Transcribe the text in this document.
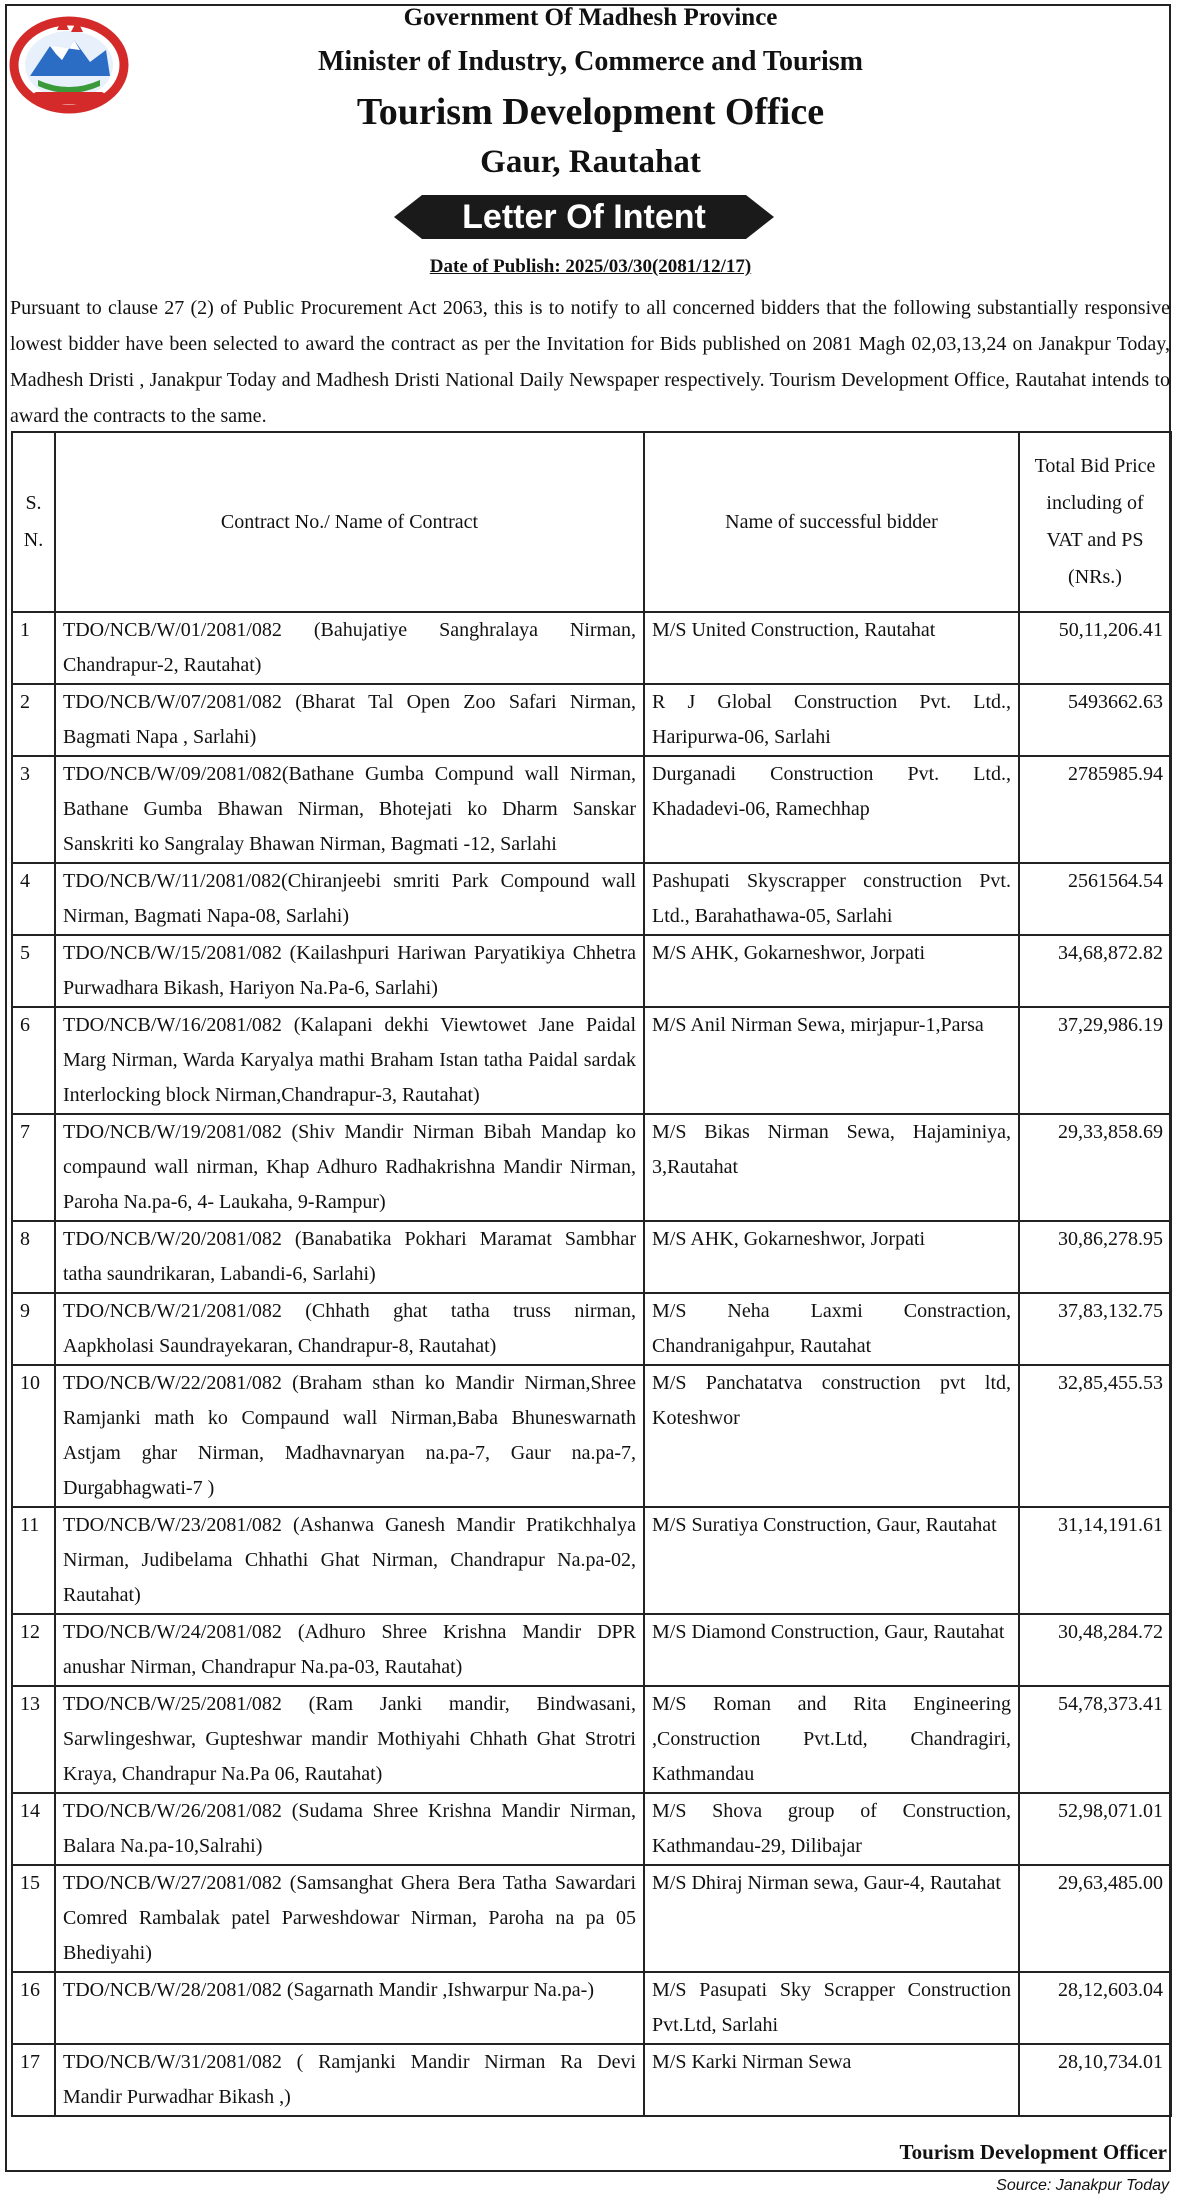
Government Of Madhesh Province
Minister of Industry, Commerce and Tourism
Tourism Development Office
Gaur, Rautahat
Letter Of Intent
Date of Publish: 2025/03/30(2081/12/17)

Pursuant to clause 27 (2) of Public Procurement Act 2063, this is to notify to all concerned bidders that the following substantially responsive lowest bidder have been selected to award the contract as per the Invitation for Bids published on 2081 Magh 02,03,13,24 on Janakpur Today, Madhesh Dristi , Janakpur Today and Madhesh Dristi National Daily Newspaper respectively. Tourism Development Office, Rautahat intends to award the contracts to the same.

S. N.	Contract No./ Name of Contract	Name of successful bidder	Total Bid Price including of VAT and PS (NRs.)
1	TDO/NCB/W/01/2081/082 (Bahujatiye Sanghralaya Nirman, Chandrapur-2, Rautahat)	M/S United Construction, Rautahat	50,11,206.41
2	TDO/NCB/W/07/2081/082 (Bharat Tal Open Zoo Safari Nirman, Bagmati Napa , Sarlahi)	R J Global Construction Pvt. Ltd., Haripurwa-06, Sarlahi	5493662.63
3	TDO/NCB/W/09/2081/082(Bathane Gumba Compund wall Nirman, Bathane Gumba Bhawan Nirman, Bhotejati ko Dharm Sanskar Sanskriti ko Sangralay Bhawan Nirman, Bagmati -12, Sarlahi	Durganadi Construction Pvt. Ltd., Khadadevi-06, Ramechhap	2785985.94
4	TDO/NCB/W/11/2081/082(Chiranjeebi smriti Park Compound wall Nirman, Bagmati Napa-08, Sarlahi)	Pashupati Skyscrapper construction Pvt. Ltd., Barahathawa-05, Sarlahi	2561564.54
5	TDO/NCB/W/15/2081/082 (Kailashpuri Hariwan Paryatikiya Chhetra Purwadhara Bikash, Hariyon Na.Pa-6, Sarlahi)	M/S AHK, Gokarneshwor, Jorpati	34,68,872.82
6	TDO/NCB/W/16/2081/082 (Kalapani dekhi Viewtowet Jane Paidal Marg Nirman, Warda Karyalya mathi Braham Istan tatha Paidal sardak Interlocking block Nirman,Chandrapur-3, Rautahat)	M/S Anil Nirman Sewa, mirjapur-1,Parsa	37,29,986.19
7	TDO/NCB/W/19/2081/082 (Shiv Mandir Nirman Bibah Mandap ko compaund wall nirman, Khap Adhuro Radhakrishna Mandir Nirman, Paroha Na.pa-6, 4- Laukaha, 9-Rampur)	M/S Bikas Nirman Sewa, Hajaminiya, 3,Rautahat	29,33,858.69
8	TDO/NCB/W/20/2081/082 (Banabatika Pokhari Maramat Sambhar tatha saundrikaran, Labandi-6, Sarlahi)	M/S AHK, Gokarneshwor, Jorpati	30,86,278.95
9	TDO/NCB/W/21/2081/082 (Chhath ghat tatha truss nirman, Aapkholasi Saundrayekaran, Chandrapur-8, Rautahat)	M/S Neha Laxmi Constraction, Chandranigahpur, Rautahat	37,83,132.75
10	TDO/NCB/W/22/2081/082 (Braham sthan ko Mandir Nirman,Shree Ramjanki math ko Compaund wall Nirman,Baba Bhuneswarnath Astjam ghar Nirman, Madhavnaryan na.pa-7, Gaur na.pa-7, Durgabhagwati-7 )	M/S Panchatatva construction pvt ltd, Koteshwor	32,85,455.53
11	TDO/NCB/W/23/2081/082 (Ashanwa Ganesh Mandir Pratikchhalya Nirman, Judibelama Chhathi Ghat Nirman, Chandrapur Na.pa-02, Rautahat)	M/S Suratiya Construction, Gaur, Rautahat	31,14,191.61
12	TDO/NCB/W/24/2081/082 (Adhuro Shree Krishna Mandir DPR anushar Nirman, Chandrapur Na.pa-03, Rautahat)	M/S Diamond Construction, Gaur, Rautahat	30,48,284.72
13	TDO/NCB/W/25/2081/082 (Ram Janki mandir, Bindwasani, Sarwlingeshwar, Gupteshwar mandir Mothiyahi Chhath Ghat Strotri Kraya, Chandrapur Na.Pa 06, Rautahat)	M/S Roman and Rita Engineering ,Construction Pvt.Ltd, Chandragiri, Kathmandau	54,78,373.41
14	TDO/NCB/W/26/2081/082 (Sudama Shree Krishna Mandir Nirman, Balara Na.pa-10,Salrahi)	M/S Shova group of Construction, Kathmandau-29, Dilibajar	52,98,071.01
15	TDO/NCB/W/27/2081/082 (Samsanghat Ghera Bera Tatha Sawardari Comred Rambalak patel Parweshdowar Nirman, Paroha na pa 05 Bhediyahi)	M/S Dhiraj Nirman sewa, Gaur-4, Rautahat	29,63,485.00
16	TDO/NCB/W/28/2081/082 (Sagarnath Mandir ,Ishwarpur Na.pa-)	M/S Pasupati Sky Scrapper Construction Pvt.Ltd, Sarlahi	28,12,603.04
17	TDO/NCB/W/31/2081/082 ( Ramjanki Mandir Nirman Ra Devi Mandir Purwadhar Bikash ,)	M/S Karki Nirman Sewa	28,10,734.01
Tourism Development Officer
Source: Janakpur Today
